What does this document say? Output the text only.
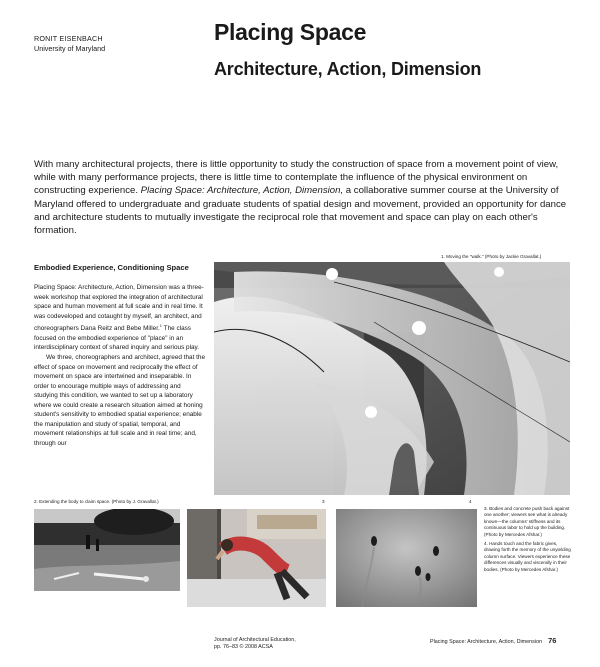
RONIT EISENBACH
University of Maryland
Placing Space
Architecture, Action, Dimension
With many architectural projects, there is little opportunity to study the construction of space from a movement point of view, while with many performance projects, there is little time to contemplate the influence of the physical environment on constructing experience. Placing Space: Architecture, Action, Dimension, a collaborative summer course at the University of Maryland offered to undergraduate and graduate students of spatial design and movement, provided an opportunity for dance and architecture students to mutually investigate the reciprocal role that movement and space can play on each other's formation.
Embodied Experience, Conditioning Space

Placing Space: Architecture, Action, Dimension was a three-week workshop that explored the integration of architectural space and human movement at full scale and in real time. It was codeveloped and cotaught by myself, an architect, and choreographers Dana Reitz and Bebe Miller.$^1$ The class focused on the embodied experience of "place" in an interdisciplinary context of shared inquiry and serious play.

We three, choreographers and architect, agreed that the effect of space on movement and reciprocally the effect of movement on space are intertwined and inseparable. In order to encourage multiple ways of addressing and studying this condition, we wanted to set up a laboratory where we could create a research situation aimed at honing student's sensitivity to embodied spatial experience; enable the manipulation and study of spatial, temporal, and movement relationships at full scale and in real time; and, through our

1. Moving the "walk." (Photo by Jackie Gravallat.)
2. Extending the body to claim space. (Photo by J. Gravallat.)	3	4

3. Bodies and concrete push back against one another; viewers see what is already known—the columns' stiffness and its continuous labor to hold up the building. (Photo by Mercedes Afshar.)

4. Hands touch and the fabric gives, drawing forth the memory of the unyielding column surface. Viewers experience these differences visually and viscerally in their bodies. (Photo by Mercedes Afshar.)

Journal of Architectural Education,
pp. 76–83 © 2008 ACSA
Placing Space: Architecture, Action, Dimension 76
